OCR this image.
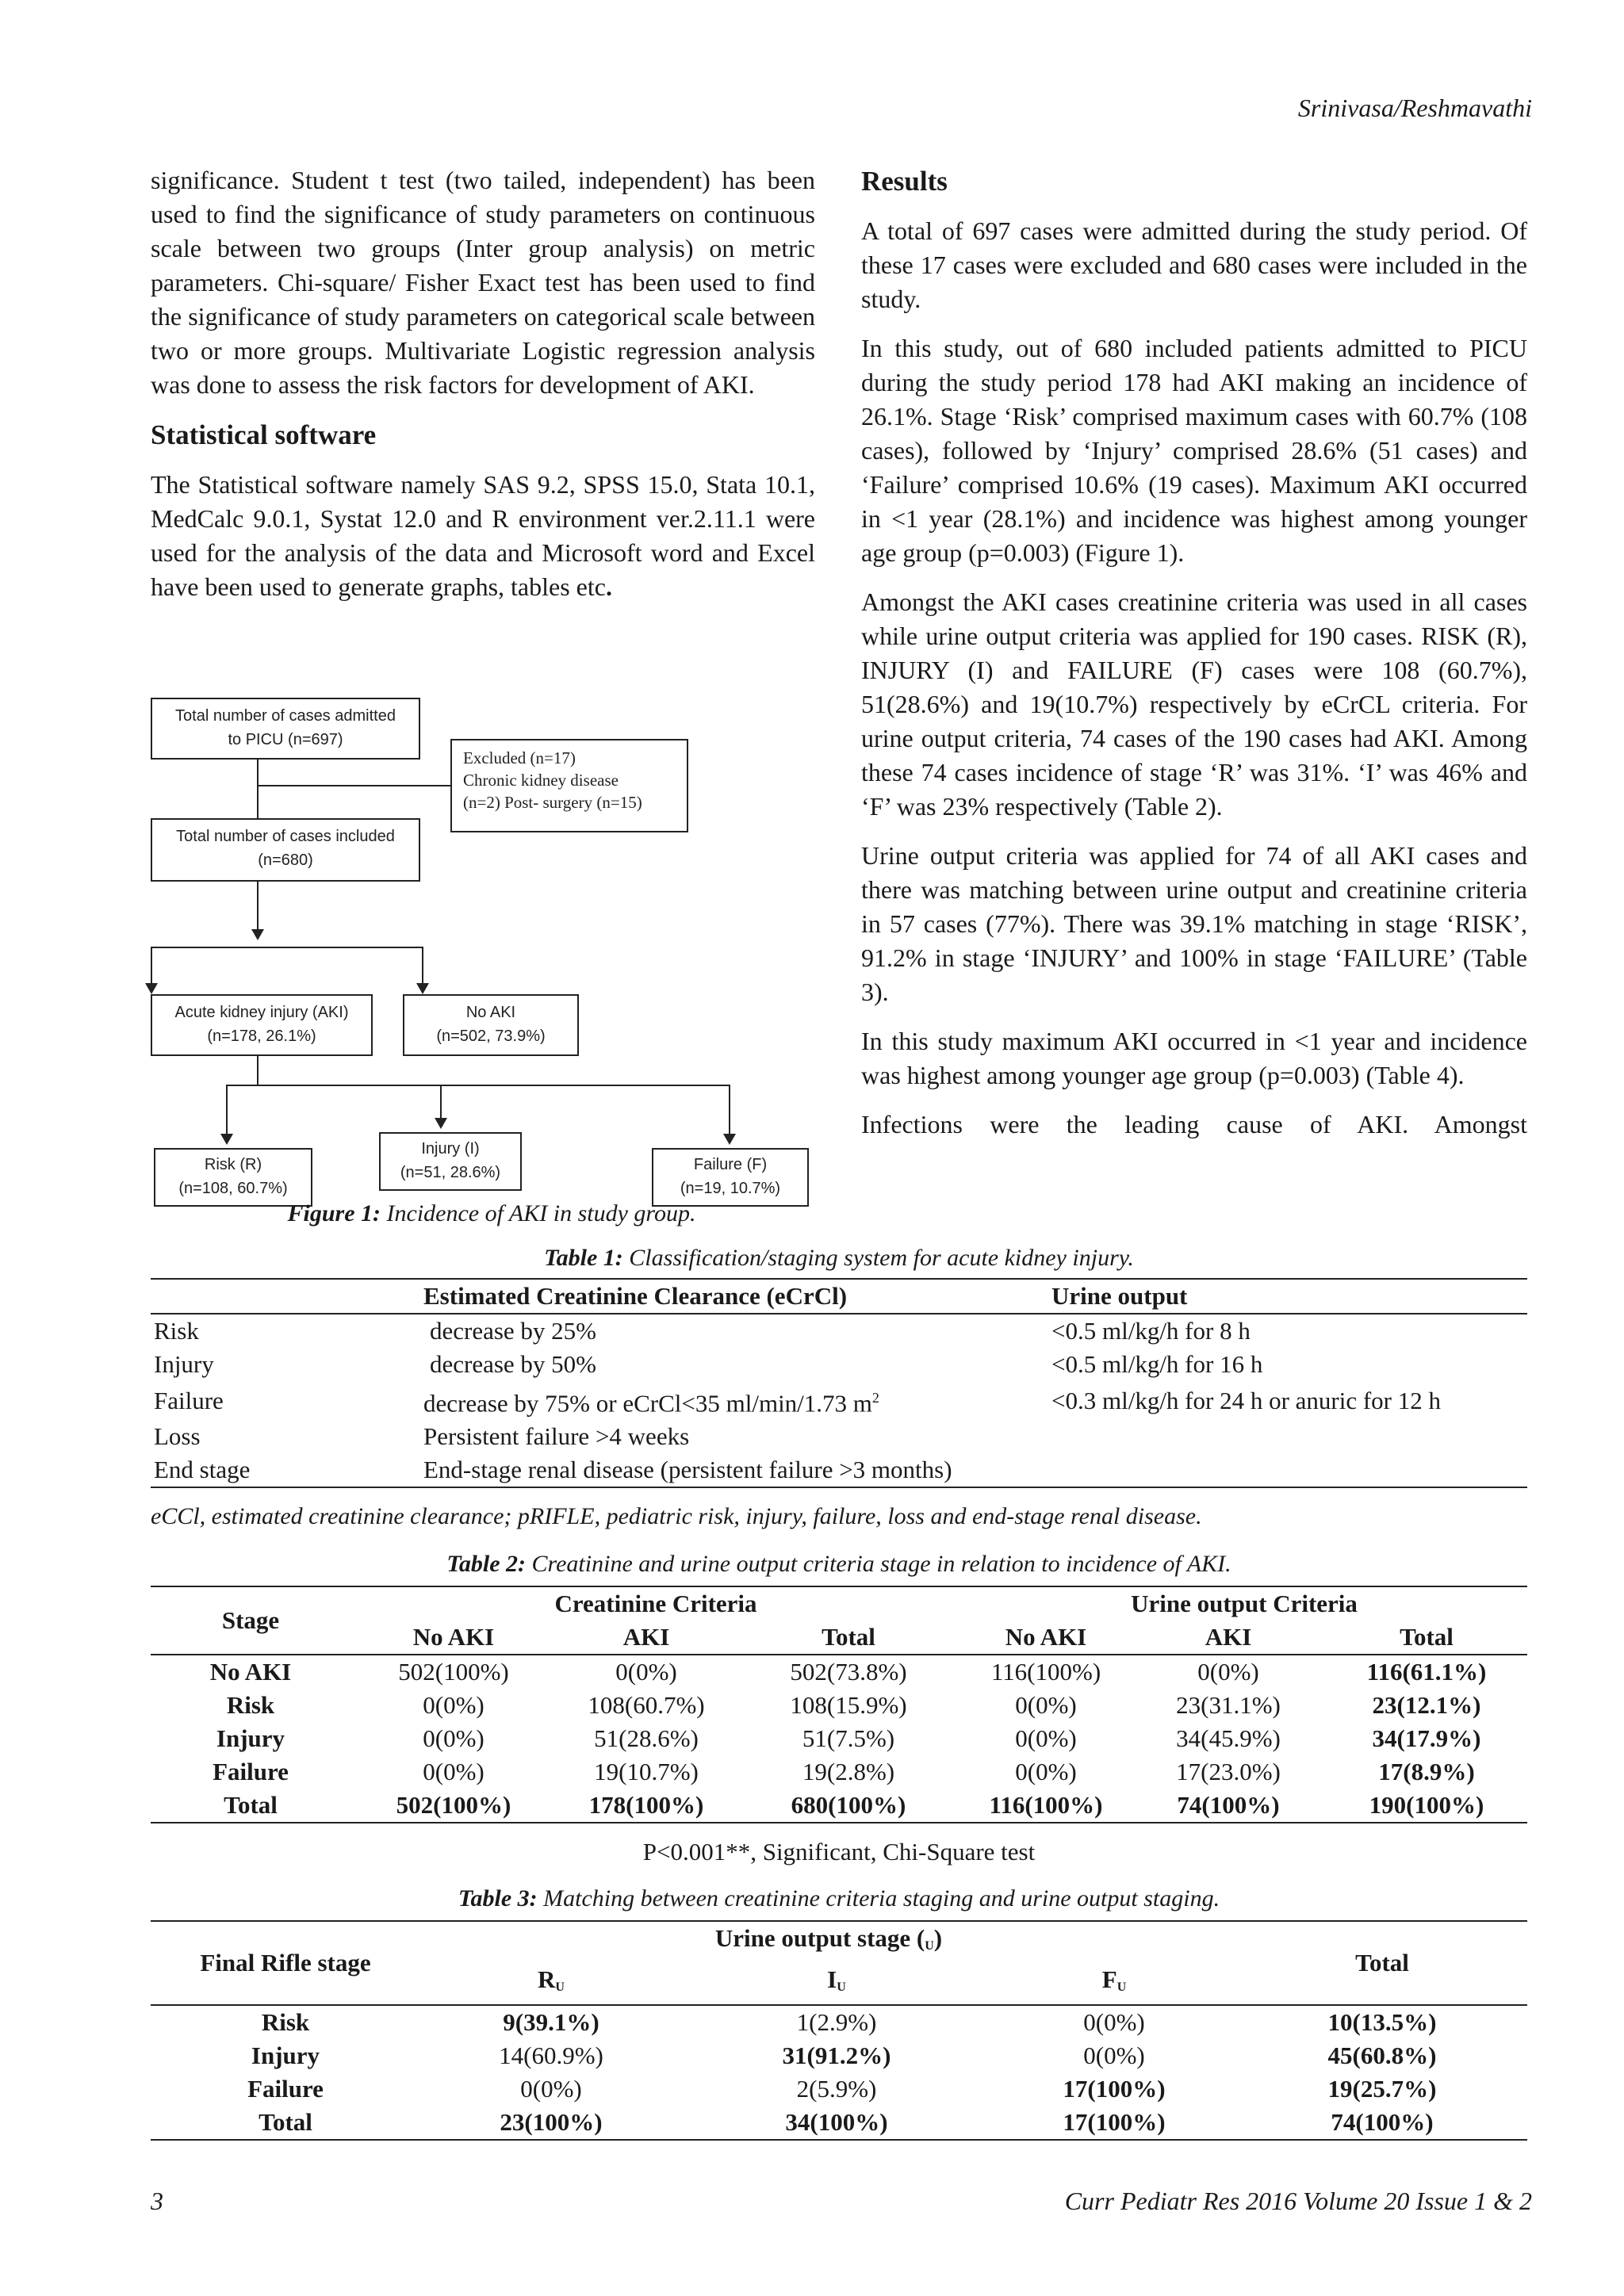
Srinivasa/Reshmavathi

significance. Student t test (two tailed, independent) has been used to find the significance of study parameters on continuous scale between two groups (Inter group analysis) on metric parameters. Chi-square/ Fisher Exact test has been used to find the significance of study parameters on categorical scale between two or more groups. Multivariate Logistic regression analysis was done to assess the risk factors for development of AKI.

Statistical software

The Statistical software namely SAS 9.2, SPSS 15.0, Stata 10.1, MedCalc 9.0.1, Systat 12.0 and R environment ver.2.11.1 were used for the analysis of the data and Microsoft word and Excel have been used to generate graphs, tables etc.

Results

A total of 697 cases were admitted during the study period. Of these 17 cases were excluded and 680 cases were included in the study.

In this study, out of 680 included patients admitted to PICU during the study period 178 had AKI making an incidence of 26.1%. Stage ‘Risk’ comprised maximum cases with 60.7% (108 cases), followed by ‘Injury’ comprised 28.6% (51 cases) and ‘Failure’ comprised 10.6% (19 cases). Maximum AKI occurred in <1 year (28.1%) and incidence was highest among younger age group (p=0.003) (Figure 1).

Amongst the AKI cases creatinine criteria was used in all cases while urine output criteria was applied for 190 cases. RISK (R), INJURY (I) and FAILURE (F) cases were 108 (60.7%), 51(28.6%) and 19(10.7%) respectively by eCrCL criteria. For urine output criteria, 74 cases of the 190 cases had AKI. Among these 74 cases incidence of stage ‘R’ was 31%. ‘I’ was 46% and ‘F’ was 23% respectively (Table 2).

Urine output criteria was applied for 74 of all AKI cases and there was matching between urine output and creatinine criteria in 57 cases (77%). There was 39.1% matching in stage ‘RISK’, 91.2% in stage ‘INJURY’ and 100% in stage ‘FAILURE’ (Table 3).

In this study maximum AKI occurred in <1 year and incidence was highest among younger age group (p=0.003) (Table 4).

Infections were the leading cause of AKI. Amongst

Total number of cases admitted
to PICU (n=697)
Excluded (n=17)
Chronic kidney disease
(n=2) Post- surgery (n=15)
Total number of cases included
(n=680)
Acute kidney injury (AKI)
(n=178, 26.1%)
No AKI
(n=502, 73.9%)
Risk (R)
(n=108, 60.7%)
Injury (I)
(n=51, 28.6%)	Failure (F)
(n=19, 10.7%)
Figure 1: Incidence of AKI in study group.
Table 1: Classification/staging system for acute kidney injury.
	Estimated Creatinine Clearance (eCrCl)	Urine output
Risk	decrease by 25%	<0.5 ml/kg/h for 8 h
Injury	decrease by 50%	<0.5 ml/kg/h for 16 h
Failure	decrease by 75% or eCrCl<35 ml/min/1.73 $m^2$	<0.3 ml/kg/h for 24 h or anuric for 12 h
Loss	Persistent failure >4 weeks	
End stage	End-stage renal disease (persistent failure >3 months)	
eCCl, estimated creatinine clearance; pRIFLE, pediatric risk, injury, failure, loss and end-stage renal disease.
Table 2: Creatinine and urine output criteria stage in relation to incidence of AKI.
Stage	Creatinine Criteria			Urine output Criteria		
	No AKI	AKI	Total	No AKI	AKI	Total
No AKI	502(100%)	0(0%)	502(73.8%)	116(100%)	0(0%)	116(61.1%)
Risk	0(0%)	108(60.7%)	108(15.9%)	0(0%)	23(31.1%)	23(12.1%)
Injury	0(0%)	51(28.6%)	51(7.5%)	0(0%)	34(45.9%)	34(17.9%)
Failure	0(0%)	19(10.7%)	19(2.8%)	0(0%)	17(23.0%)	17(8.9%)
Total	502(100%)	178(100%)	680(100%)	116(100%)	74(100%)	190(100%)
P<0.001**, Significant, Chi-Square test
Table 3: Matching between creatinine criteria staging and urine output staging.
Final Rifle stage	Urine output stage $(_U)$			Total
	$R_U$	$I_U$	$F_U$
Risk	9(39.1%)	1(2.9%)	0(0%)	10(13.5%)
Injury	14(60.9%)	31(91.2%)	0(0%)	45(60.8%)
Failure	0(0%)	2(5.9%)	17(100%)	19(25.7%)
Total	23(100%)	34(100%)	17(100%)	74(100%)
3	Curr Pediatr Res 2016 Volume 20 Issue 1 & 2
